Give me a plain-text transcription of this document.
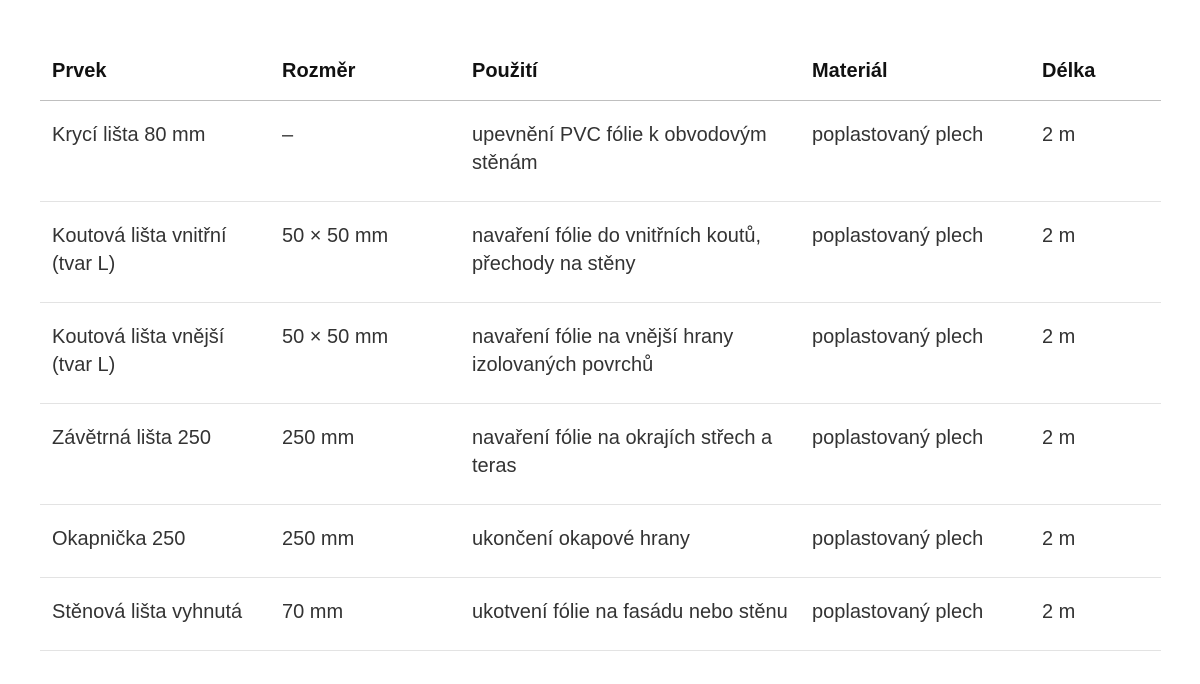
Prvek	Rozměr	Použití	Materiál	Délka
Krycí lišta 80 mm	–	upevnění PVC fólie k obvodovým stěnám	poplastovaný plech	2 m
Koutová lišta vnitřní (tvar L)	50 × 50 mm	navaření fólie do vnitřních koutů, přechody na stěny	poplastovaný plech	2 m
Koutová lišta vnější (tvar L)	50 × 50 mm	navaření fólie na vnější hrany izolovaných povrchů	poplastovaný plech	2 m
Závětrná lišta 250	250 mm	navaření fólie na okrajích střech a teras	poplastovaný plech	2 m
Okapnička 250	250 mm	ukončení okapové hrany	poplastovaný plech	2 m
Stěnová lišta vyhnutá	70 mm	ukotvení fólie na fasádu nebo stěnu	poplastovaný plech	2 m
